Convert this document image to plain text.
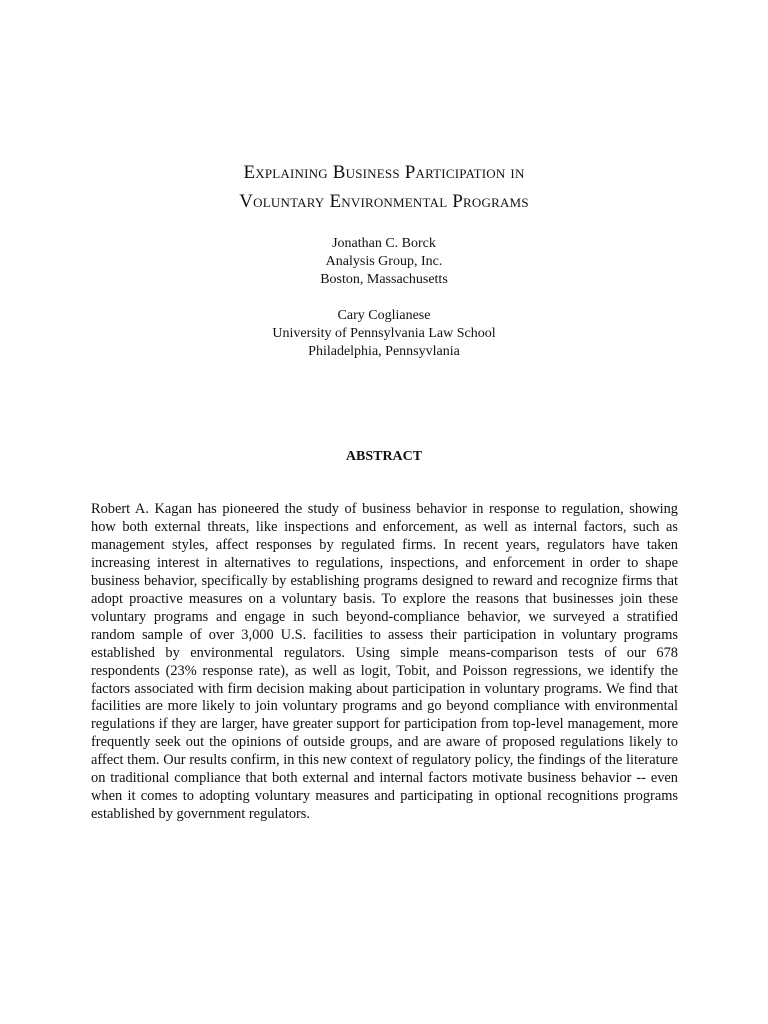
Explaining Business Participation in
Voluntary Environmental Programs
Jonathan C. Borck
Analysis Group, Inc.
Boston, Massachusetts
Cary Coglianese
University of Pennsylvania Law School
Philadelphia, Pennsyvlania
ABSTRACT

Robert A. Kagan has pioneered the study of business behavior in response to regulation, showing how both external threats, like inspections and enforcement, as well as internal factors, such as management styles, affect responses by regulated firms. In recent years, regulators have taken increasing interest in alternatives to regulations, inspections, and enforcement in order to shape business behavior, specifically by establishing programs designed to reward and recognize firms that adopt proactive measures on a voluntary basis. To explore the reasons that businesses join these voluntary programs and engage in such beyond-compliance behavior, we surveyed a stratified random sample of over 3,000 U.S. facilities to assess their participation in voluntary programs established by environmental regulators. Using simple means-comparison tests of our 678 respondents (23% response rate), as well as logit, Tobit, and Poisson regressions, we identify the factors associated with firm decision making about participation in voluntary programs. We find that facilities are more likely to join voluntary programs and go beyond compliance with environmental regulations if they are larger, have greater support for participation from top-level management, more frequently seek out the opinions of outside groups, and are aware of proposed regulations likely to affect them. Our results confirm, in this new context of regulatory policy, the findings of the literature on traditional compliance that both external and internal factors motivate business behavior -- even when it comes to adopting voluntary measures and participating in optional recognitions programs established by government regulators.
